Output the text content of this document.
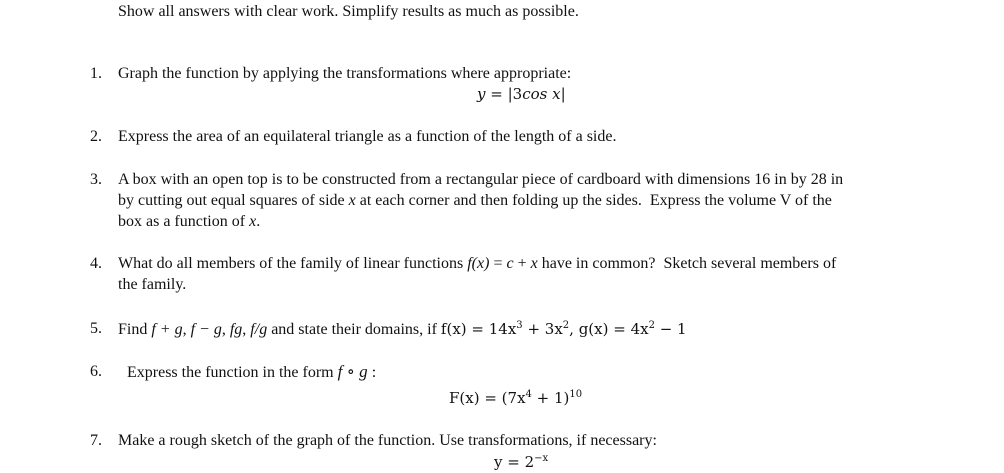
Show all answers with clear work. Simplify results as much as possible.
1. Graph the function by applying the transformations where appropriate:
y = |3cos x|
2. Express the area of an equilateral triangle as a function of the length of a side.
3. A box with an open top is to be constructed from a rectangular piece of cardboard with dimensions 16 in by 28 in
by cutting out equal squares of side x at each corner and then folding up the sides.  Express the volume V of the
box as a function of x.
4. What do all members of the family of linear functions f(x) = c + x have in common?  Sketch several members of
the family.
5. Find f + g, f − g, fg, f/g and state their domains, if $f(x) = 14x^3 + 3x^2$, $g(x) = 4x^2 - 1$
6. Express the function in the form f ∘ g :
$F(x) = (7x^4 + 1)^{10}$
7. Make a rough sketch of the graph of the function. Use transformations, if necessary:
$y = 2^{-x}$
